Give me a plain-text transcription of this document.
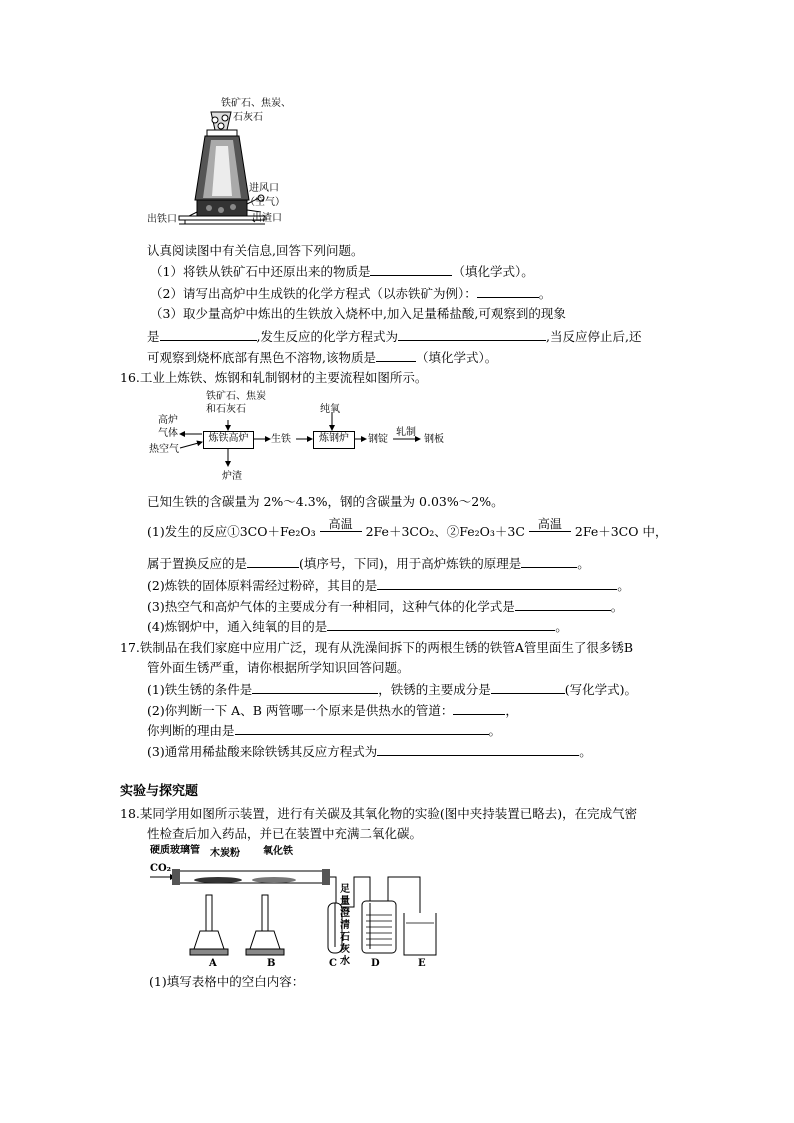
铁矿石、焦炭、
石灰石
进风口
（空气）
出铁口	出渣口
认真阅读图中有关信息,回答下列问题。
（1）将铁从铁矿石中还原出来的物质是	（填化学式）。
（2）请写出高炉中生成铁的化学方程式（以赤铁矿为例）：	。
（3）取少量高炉中炼出的生铁放入烧杯中,加入足量稀盐酸,可观察到的现象
是	,发生反应的化学方程式为	,当反应停止后,还
可观察到烧杯底部有黑色不溶物,该物质是	（填化学式）。
16.工业上炼铁、炼钢和轧制钢材的主要流程如图所示。
铁矿石、焦炭
和石灰石
高炉
气体
热空气
炼铁高炉	生铁
纯氧
炼钢炉	钢锭
轧制
钢板
炉渣
已知生铁的含碳量为 2%～4.3%，钢的含碳量为 0.03%～2%。
(1)发生的反应①3CO＋Fe₂O₃	高温	2Fe＋3CO₂、②Fe₂O₃＋3C	高温	2Fe＋3CO 中，
属于置换反应的是	(填序号，下同)，用于高炉炼铁的原理是	。
(2)炼铁的固体原料需经过粉碎，其目的是	。
(3)热空气和高炉气体的主要成分有一种相同，这种气体的化学式是	。
(4)炼钢炉中，通入纯氧的目的是	。
17.铁制品在我们家庭中应用广泛，现有从洗澡间拆下的两根生锈的铁管A管里面生了很多锈B
管外面生锈严重，请你根据所学知识回答问题。
(1)铁生锈的条件是	，铁锈的主要成分是	(写化学式)。
(2)你判断一下 A、B 两管哪一个原来是供热水的管道：	，
你判断的理由是	。
(3)通常用稀盐酸来除铁锈其反应方程式为	。
实验与探究题
18.某同学用如图所示装置，进行有关碳及其氧化物的实验(图中夹持装置已略去)，在完成气密
性检查后加入药品，并已在装置中充满二氧化碳。
硬质玻璃管 木炭粉 氧化铁
CO₂
足量澄清石灰水
A	B	C	D	E
(1)填写表格中的空白内容：
